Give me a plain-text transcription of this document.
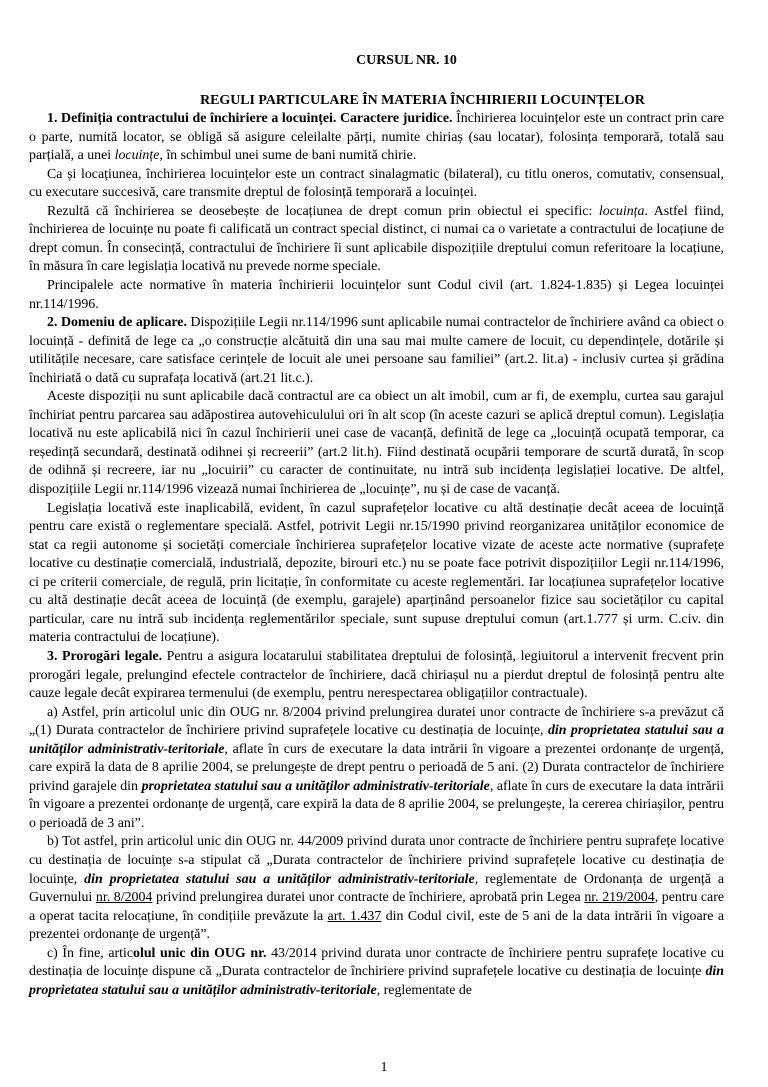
CURSUL NR. 10
REGULI PARTICULARE ÎN MATERIA ÎNCHIRIERII LOCUINȚELOR

1. Definiția contractului de închiriere a locuinței. Caractere juridice. Închirierea locuințelor este un contract prin care o parte, numită locator, se obligă să asigure celeilalte părți, numite chiriaș (sau locatar), folosința temporară, totală sau parțială, a unei locuințe, în schimbul unei sume de bani numită chirie.

Ca și locațiunea, închirierea locuințelor este un contract sinalagmatic (bilateral), cu titlu oneros, comutativ, consensual, cu executare succesivă, care transmite dreptul de folosință temporară a locuinței.

Rezultă că închirierea se deosebește de locațiunea de drept comun prin obiectul ei specific: locuința. Astfel fiind, închirierea de locuințe nu poate fi calificată un contract special distinct, ci numai ca o varietate a contractului de locațiune de drept comun. În consecință, contractului de închiriere îi sunt aplicabile dispozițiile dreptului comun referitoare la locațiune, în măsura în care legislația locativă nu prevede norme speciale.

Principalele acte normative în materia închirierii locuințelor sunt Codul civil (art. 1.824-1.835) și Legea locuinței nr.114/1996.

2. Domeniu de aplicare. Dispozițiile Legii nr.114/1996 sunt aplicabile numai contractelor de închiriere având ca obiect o locuință - definită de lege ca „o construcție alcătuită din una sau mai multe camere de locuit, cu dependințele, dotările și utilitățile necesare, care satisface cerințele de locuit ale unei persoane sau familiei” (art.2. lit.a) - inclusiv curtea și grădina închiriată o dată cu suprafața locativă (art.21 lit.c.).

Aceste dispoziții nu sunt aplicabile dacă contractul are ca obiect un alt imobil, cum ar fi, de exemplu, curtea sau garajul închiriat pentru parcarea sau adăpostirea autovehiculului ori în alt scop (în aceste cazuri se aplică dreptul comun). Legislația locativă nu este aplicabilă nici în cazul închirierii unei case de vacanță, definită de lege ca „locuință ocupată temporar, ca reședință secundară, destinată odihnei și recreerii” (art.2 lit.h). Fiind destinată ocupării temporare de scurtă durată, în scop de odihnă și recreere, iar nu „locuirii” cu caracter de continuitate, nu intră sub incidența legislației locative. De altfel, dispozițiile Legii nr.114/1996 vizează numai închirierea de „locuințe”, nu și de case de vacanță.

Legislația locativă este inaplicabilă, evident, în cazul suprafețelor locative cu altă destinație decât aceea de locuință pentru care există o reglementare specială. Astfel, potrivit Legii nr.15/1990 privind reorganizarea unităților economice de stat ca regii autonome și societăți comerciale închirierea suprafețelor locative vizate de aceste acte normative (suprafețe locative cu destinație comercială, industrială, depozite, birouri etc.) nu se poate face potrivit dispozițiilor Legii nr.114/1996, ci pe criterii comerciale, de regulă, prin licitație, în conformitate cu aceste reglementări. Iar locațiunea suprafețelor locative cu altă destinație decât aceea de locuință (de exemplu, garajele) aparținând persoanelor fizice sau societăților cu capital particular, care nu intră sub incidența reglementărilor speciale, sunt supuse dreptului comun (art.1.777 și urm. C.civ. din materia contractului de locațiune).

3. Prorogări legale. Pentru a asigura locatarului stabilitatea dreptului de folosință, legiuitorul a intervenit frecvent prin prorogări legale, prelungind efectele contractelor de închiriere, dacă chiriașul nu a pierdut dreptul de folosință pentru alte cauze legale decât expirarea termenului (de exemplu, pentru nerespectarea obligațiilor contractuale).

a) Astfel, prin articolul unic din OUG nr. 8/2004 privind prelungirea duratei unor contracte de închiriere s-a prevăzut că „(1) Durata contractelor de închiriere privind suprafețele locative cu destinația de locuințe, din proprietatea statului sau a unităților administrativ-teritoriale, aflate în curs de executare la data intrării în vigoare a prezentei ordonanțe de urgență, care expiră la data de 8 aprilie 2004, se prelungește de drept pentru o perioadă de 5 ani. (2) Durata contractelor de închiriere privind garajele din proprietatea statului sau a unităților administrativ-teritoriale, aflate în curs de executare la data intrării în vigoare a prezentei ordonanțe de urgență, care expiră la data de 8 aprilie 2004, se prelungește, la cererea chiriașilor, pentru o perioadă de 3 ani”.

b) Tot astfel, prin articolul unic din OUG nr. 44/2009 privind durata unor contracte de închiriere pentru suprafețe locative cu destinația de locuințe s-a stipulat că „Durata contractelor de închiriere privind suprafețele locative cu destinația de locuințe, din proprietatea statului sau a unităților administrativ-teritoriale, reglementate de Ordonanța de urgență a Guvernului nr. 8/2004 privind prelungirea duratei unor contracte de închiriere, aprobată prin Legea nr. 219/2004, pentru care a operat tacita relocațiune, în condițiile prevăzute la art. 1.437 din Codul civil, este de 5 ani de la data intrării în vigoare a prezentei ordonanțe de urgență”.

c) În fine, articolul unic din OUG nr. 43/2014 privind durata unor contracte de închiriere pentru suprafețe locative cu destinația de locuințe dispune că „Durata contractelor de închiriere privind suprafețele locative cu destinația de locuințe din proprietatea statului sau a unităților administrativ-teritoriale, reglementate de

1
